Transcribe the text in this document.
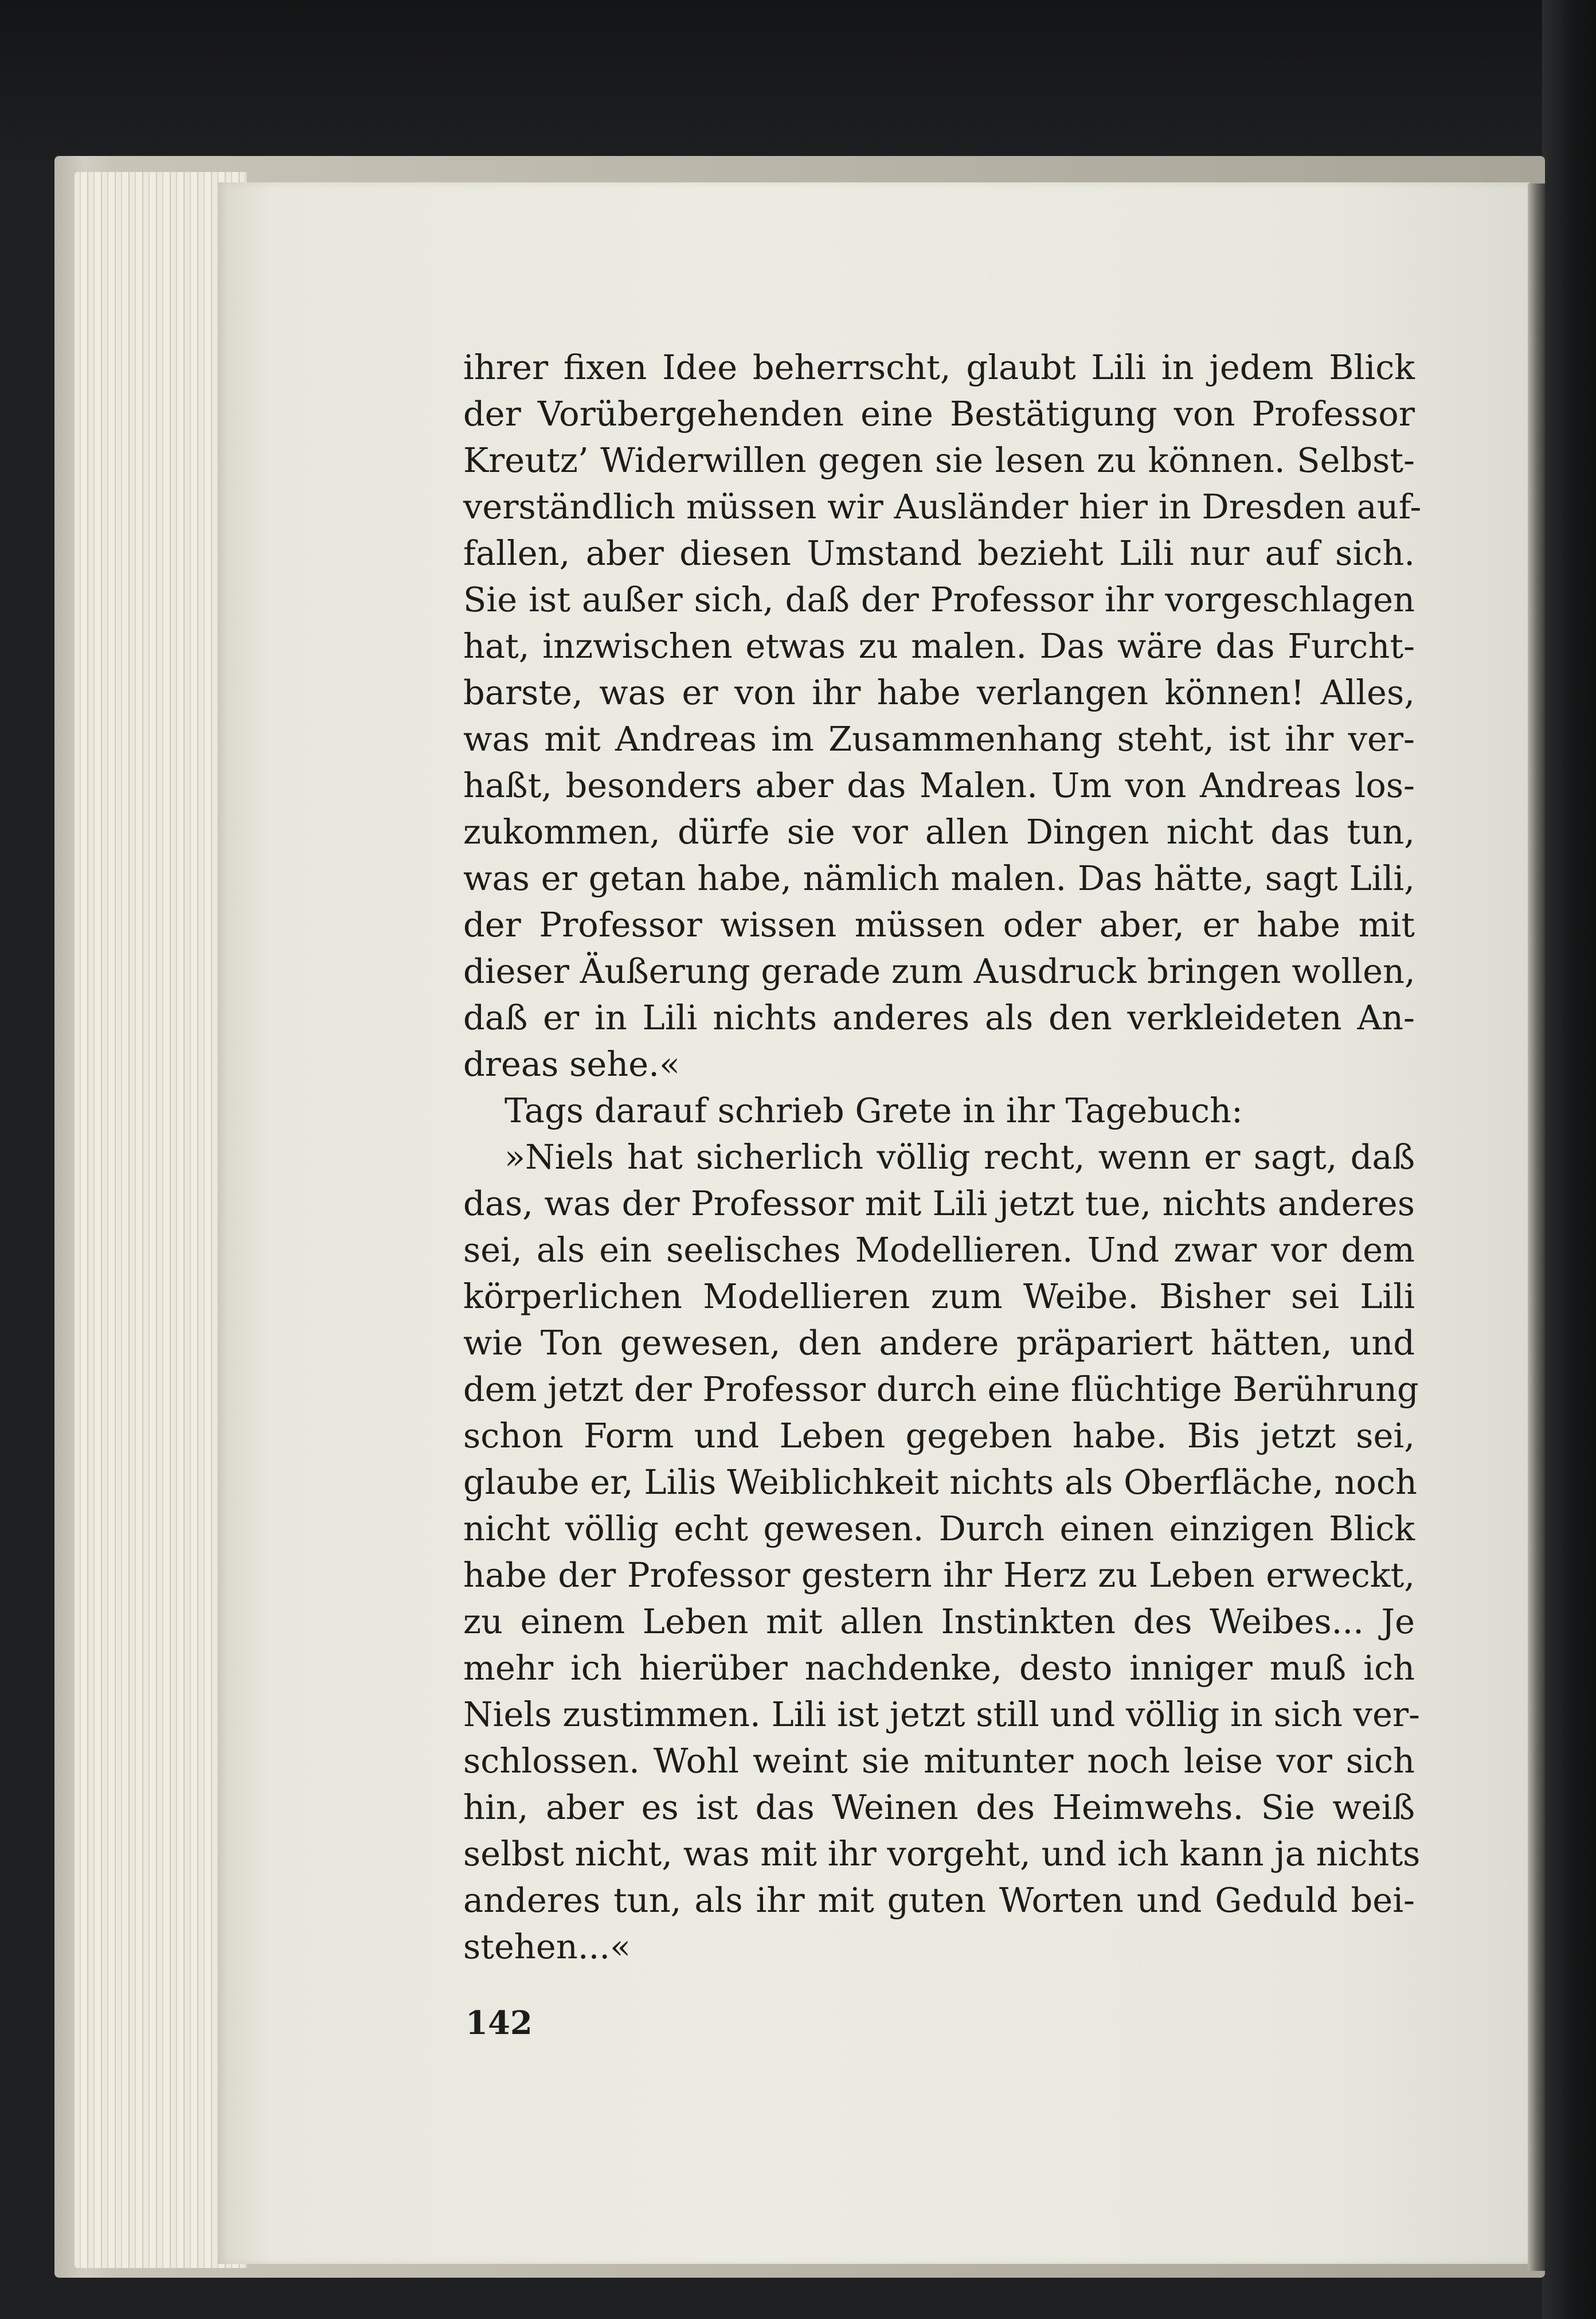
ihrer fixen Idee beherrscht, glaubt Lili in jedem Blick
der Vorübergehenden eine Bestätigung von Professor
Kreutz’ Widerwillen gegen sie lesen zu können. Selbst-
verständlich müssen wir Ausländer hier in Dresden auf-
fallen, aber diesen Umstand bezieht Lili nur auf sich.
Sie ist außer sich, daß der Professor ihr vorgeschlagen
hat, inzwischen etwas zu malen. Das wäre das Furcht-
barste, was er von ihr habe verlangen können! Alles,
was mit Andreas im Zusammenhang steht, ist ihr ver-
haßt, besonders aber das Malen. Um von Andreas los-
zukommen, dürfe sie vor allen Dingen nicht das tun,
was er getan habe, nämlich malen. Das hätte, sagt Lili,
der Professor wissen müssen oder aber, er habe mit
dieser Äußerung gerade zum Ausdruck bringen wollen,
daß er in Lili nichts anderes als den verkleideten An-
dreas sehe.«
Tags darauf schrieb Grete in ihr Tagebuch:
»Niels hat sicherlich völlig recht, wenn er sagt, daß
das, was der Professor mit Lili jetzt tue, nichts anderes
sei, als ein seelisches Modellieren. Und zwar vor dem
körperlichen Modellieren zum Weibe. Bisher sei Lili
wie Ton gewesen, den andere präpariert hätten, und
dem jetzt der Professor durch eine flüchtige Berührung
schon Form und Leben gegeben habe. Bis jetzt sei,
glaube er, Lilis Weiblichkeit nichts als Oberfläche, noch
nicht völlig echt gewesen. Durch einen einzigen Blick
habe der Professor gestern ihr Herz zu Leben erweckt,
zu einem Leben mit allen Instinkten des Weibes... Je
mehr ich hierüber nachdenke, desto inniger muß ich
Niels zustimmen. Lili ist jetzt still und völlig in sich ver-
schlossen. Wohl weint sie mitunter noch leise vor sich
hin, aber es ist das Weinen des Heimwehs. Sie weiß
selbst nicht, was mit ihr vorgeht, und ich kann ja nichts
anderes tun, als ihr mit guten Worten und Geduld bei-
stehen...«
142
